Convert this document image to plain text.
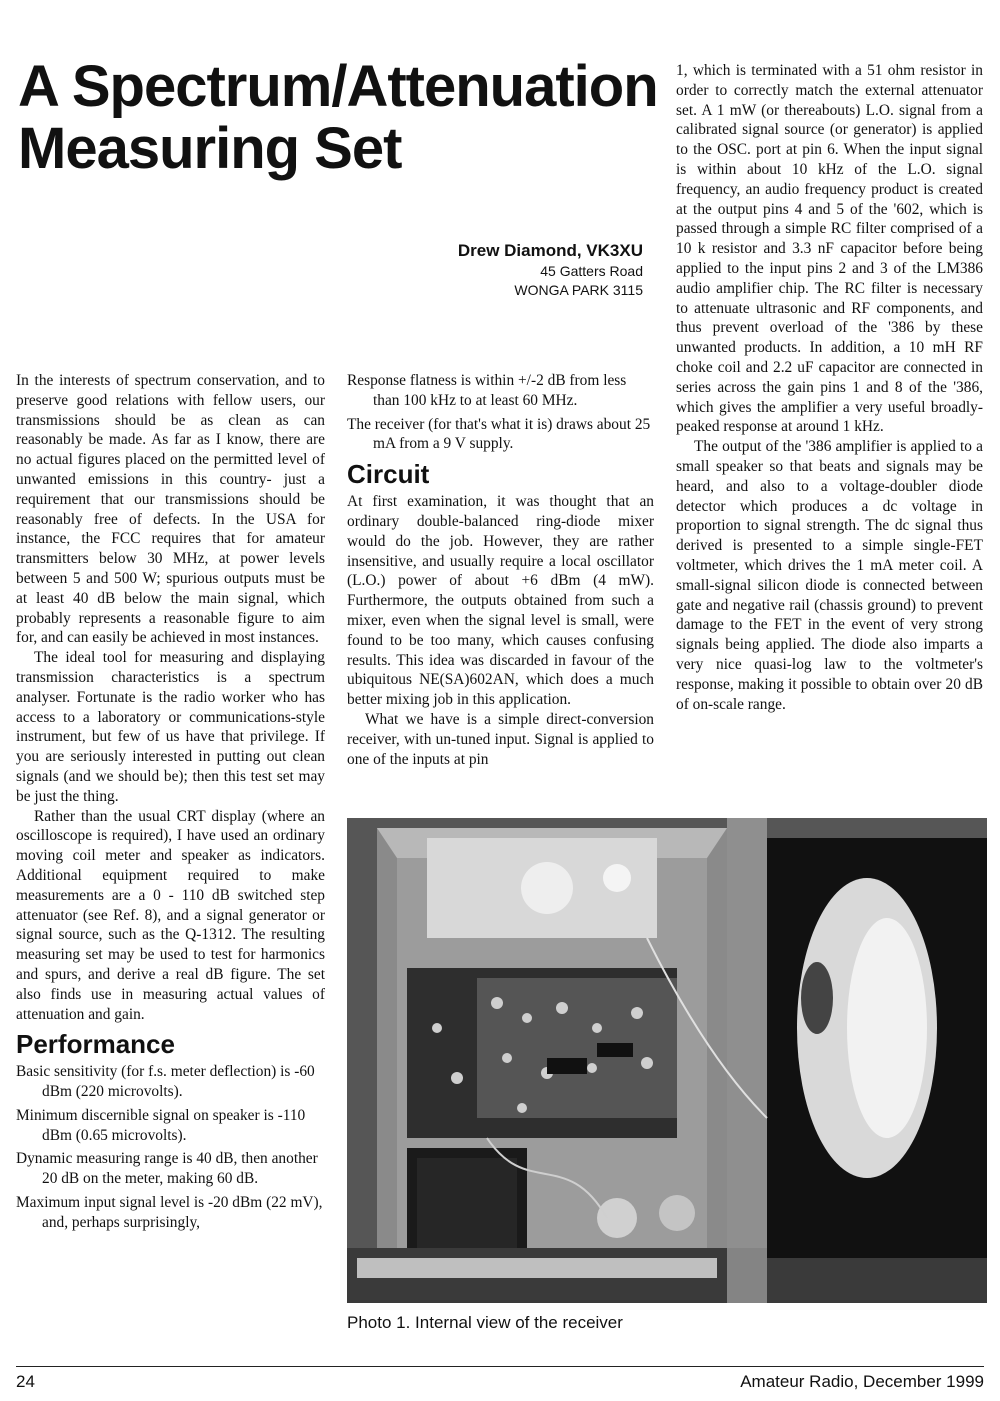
A Spectrum/Attenuation
Measuring Set
Drew Diamond, VK3XU
45 Gatters Road
WONGA PARK 3115

In the interests of spectrum conservation, and to preserve good relations with fellow users, our transmissions should be as clean as can reasonably be made. As far as I know, there are no actual figures placed on the permitted level of unwanted emissions in this country- just a requirement that our transmissions should be reasonably free of defects. In the USA for instance, the FCC requires that for amateur transmitters below 30 MHz, at power levels between 5 and 500 W; spurious outputs must be at least 40 dB below the main signal, which probably represents a reasonable figure to aim for, and can easily be achieved in most instances.

The ideal tool for measuring and displaying transmission characteristics is a spectrum analyser. Fortunate is the radio worker who has access to a laboratory or communications-style instrument, but few of us have that privilege. If you are seriously interested in putting out clean signals (and we should be); then this test set may be just the thing.

Rather than the usual CRT display (where an oscilloscope is required), I have used an ordinary moving coil meter and speaker as indicators. Additional equipment required to make measurements are a 0 - 110 dB switched step attenuator (see Ref. 8), and a signal generator or signal source, such as the Q-1312. The resulting measuring set may be used to test for harmonics and spurs, and derive a real dB figure. The set also finds use in measuring actual values of attenuation and gain.

Performance

Basic sensitivity (for f.s. meter deflection) is -60 dBm (220 microvolts).

Minimum discernible signal on speaker is -110 dBm (0.65 microvolts).

Dynamic measuring range is 40 dB, then another 20 dB on the meter, making 60 dB.

Maximum input signal level is -20 dBm (22 mV), and, perhaps surprisingly,

Response flatness is within +/-2 dB from less than 100 kHz to at least 60 MHz.

The receiver (for that's what it is) draws about 25 mA from a 9 V supply.

Circuit

At first examination, it was thought that an ordinary double-balanced ring-diode mixer would do the job. However, they are rather insensitive, and usually require a local oscillator (L.O.) power of about +6 dBm (4 mW). Furthermore, the outputs obtained from such a mixer, even when the signal level is small, were found to be too many, which causes confusing results. This idea was discarded in favour of the ubiquitous NE(SA)602AN, which does a much better mixing job in this application.

What we have is a simple direct-conversion receiver, with un-tuned input. Signal is applied to one of the inputs at pin

1, which is terminated with a 51 ohm resistor in order to correctly match the external attenuator set. A 1 mW (or thereabouts) L.O. signal from a calibrated signal source (or generator) is applied to the OSC. port at pin 6. When the input signal is within about 10 kHz of the L.O. signal frequency, an audio frequency product is created at the output pins 4 and 5 of the '602, which is passed through a simple RC filter comprised of a 10 k resistor and 3.3 nF capacitor before being applied to the input pins 2 and 3 of the LM386 audio amplifier chip. The RC filter is necessary to attenuate ultrasonic and RF components, and thus prevent overload of the '386 by these unwanted products. In addition, a 10 mH RF choke coil and 2.2 uF capacitor are connected in series across the gain pins 1 and 8 of the '386, which gives the amplifier a very useful broadly-peaked response at around 1 kHz.

The output of the '386 amplifier is applied to a small speaker so that beats and signals may be heard, and also to a voltage-doubler diode detector which produces a dc voltage in proportion to signal strength. The dc signal thus derived is presented to a simple single-FET voltmeter, which drives the 1 mA meter coil. A small-signal silicon diode is connected between gate and negative rail (chassis ground) to prevent damage to the FET in the event of very strong signals being applied. The diode also imparts a very nice quasi-log law to the voltmeter's response, making it possible to obtain over 20 dB of on-scale range.

Photo 1. Internal view of the receiver
24	Amateur Radio, December 1999
